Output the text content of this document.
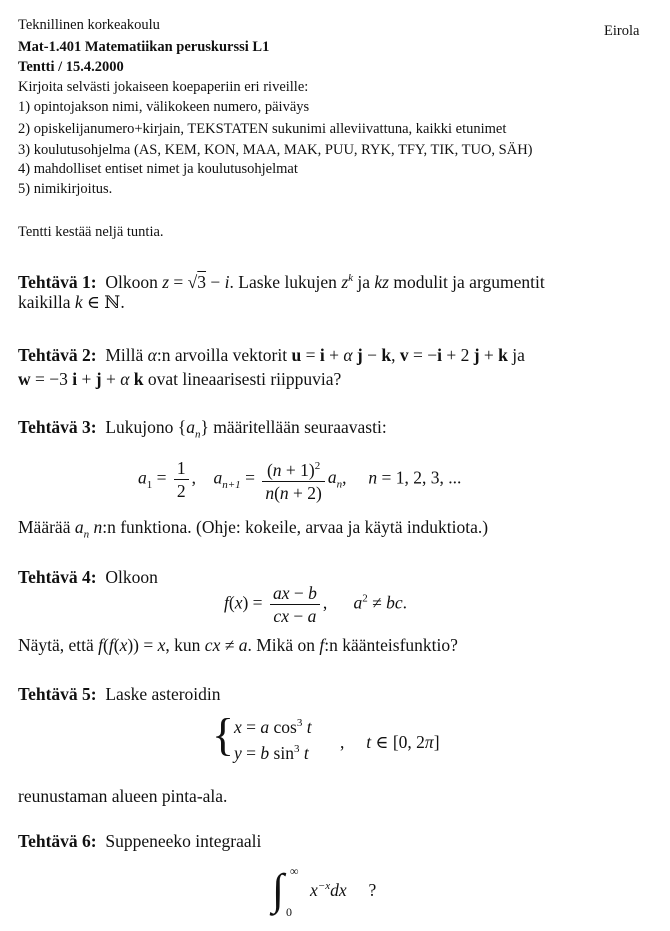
Teknillinen korkeakoulu	Eirola
Mat-1.401 Matematiikan peruskurssi L1
Tentti / 15.4.2000
Kirjoita selvästi jokaiseen koepaperiin eri riveille:
1) opintojakson nimi, välikokeen numero, päiväys
2) opiskelijanumero+kirjain, TEKSTATEN sukunimi alleviivattuna, kaikki etunimet
3) koulutusohjelma (AS, KEM, KON, MAA, MAK, PUU, RYK, TFY, TIK, TUO, SÄH)
4) mahdolliset entiset nimet ja koulutusohjelmat
5) nimikirjoitus.
Tentti kestää neljä tuntia.
Tehtävä 1: Olkoon z = √3 − i. Laske lukujen $z^k$ ja kz modulit ja argumentit
kaikilla k ∈ ℕ.
Tehtävä 2: Millä α:n arvoilla vektorit u = i + α j − k, v = −i + 2 j + k ja
w = −3 i + j + α k ovat lineaarisesti riippuvia?
Tehtävä 3: Lukujono $\{a_n\}$ määritellään seuraavasti:
$a_1 = \frac{1}{2}$ ,    $a_{n+1} = \frac{(n + 1)^2}{n(n + 2)} a_n$,     n = 1, 2, 3, ...
Määrää $a_n$ n:n funktiona. (Ohje: kokeile, arvaa ja käytä induktiota.)
Tehtävä 4: Olkoon
$f(x) = \frac{ax - b}{cx - a}$ ,      $a^2$ ≠ bc.
Näytä, että f(f(x)) = x, kun cx ≠ a. Mikä on f:n käänteisfunktio?
Tehtävä 5: Laske asteroidin
{ x = a $\cos^3 t$
y = b $\sin^3 t$
,     t ∈ [0, 2π]
reunustaman alueen pinta-ala.
Tehtävä 6: Suppeneeko integraali
∫ ∞
0
$x^{-x}dx$     ?
